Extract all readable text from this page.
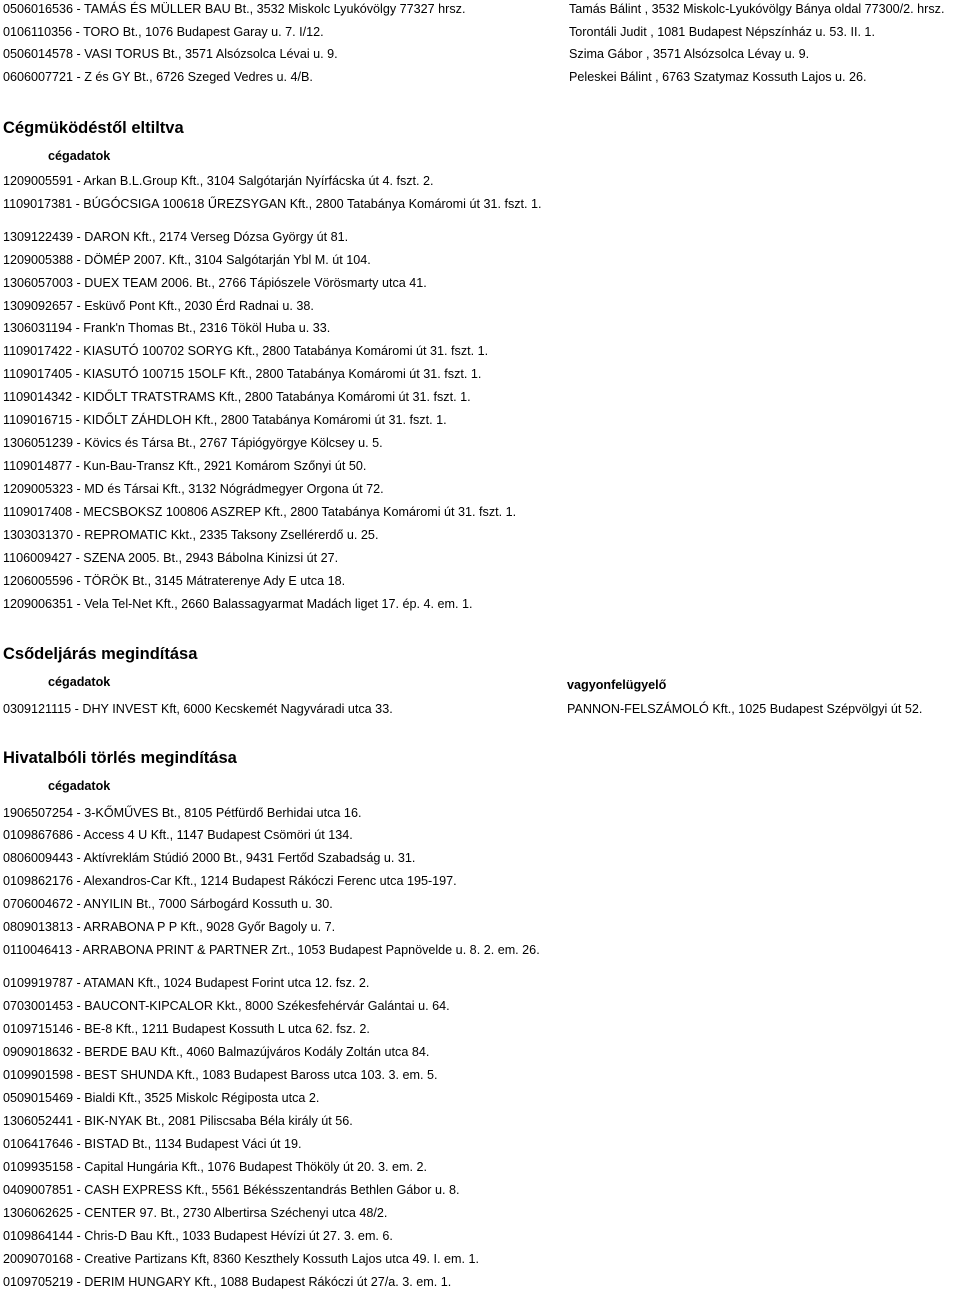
0506016536 - TAMÁS ÉS MÜLLER BAU Bt., 3532 Miskolc Lyukóvölgy 77327 hrsz.	Tamás Bálint , 3532 Miskolc-Lyukóvölgy Bánya oldal 77300/2. hrsz.
0106110356 - TORO Bt., 1076 Budapest Garay u. 7. I/12.	Torontáli Judit , 1081 Budapest Népszínház u. 53. II. 1.
0506014578 - VASI TORUS Bt., 3571 Alsózsolca Lévai u. 9.	Szima Gábor , 3571 Alsózsolca Lévay u. 9.
0606007721 - Z és GY Bt., 6726 Szeged Vedres u. 4/B.	Peleskei Bálint , 6763 Szatymaz Kossuth Lajos u. 26.
Cégmüködéstől eltiltva
cégadatok
1209005591 - Arkan B.L.Group Kft., 3104 Salgótarján Nyírfácska út 4. fszt. 2.
1109017381 - BÚGÓCSIGA 100618 ŰREZSYGAN Kft., 2800 Tatabánya Komáromi út 31. fszt. 1.
1309122439 - DARON Kft., 2174 Verseg Dózsa György út 81.
1209005388 - DÖMÉP 2007. Kft., 3104 Salgótarján Ybl M. út 104.
1306057003 - DUEX TEAM 2006. Bt., 2766 Tápiószele Vörösmarty utca 41.
1309092657 - Esküvő Pont Kft., 2030 Érd Radnai u. 38.
1306031194 - Frank'n Thomas Bt., 2316 Tököl Huba u. 33.
1109017422 - KIASUTÓ 100702 SORYG Kft., 2800 Tatabánya Komáromi út 31. fszt. 1.
1109017405 - KIASUTÓ 100715 15OLF Kft., 2800 Tatabánya Komáromi út 31. fszt. 1.
1109014342 - KIDŐLT TRATSTRAMS Kft., 2800 Tatabánya Komáromi út 31. fszt. 1.
1109016715 - KIDŐLT ZÁHDLOH Kft., 2800 Tatabánya Komáromi út 31. fszt. 1.
1306051239 - Kövics és Társa Bt., 2767 Tápiógyörgye Kölcsey u. 5.
1109014877 - Kun-Bau-Transz Kft., 2921 Komárom Szőnyi út 50.
1209005323 - MD és Társai Kft., 3132 Nógrádmegyer Orgona út 72.
1109017408 - MECSBOKSZ 100806 ASZREP Kft., 2800 Tatabánya Komáromi út 31. fszt. 1.
1303031370 - REPROMATIC Kkt., 2335 Taksony Zsellérerdő u. 25.
1106009427 - SZENA 2005. Bt., 2943 Bábolna Kinizsi út 27.
1206005596 - TÖRÖK Bt., 3145 Mátraterenye Ady E utca 18.
1209006351 - Vela Tel-Net Kft., 2660 Balassagyarmat Madách liget 17. ép. 4. em. 1.
Csődeljárás megindítása
cégadatok	vagyonfelügyelő
0309121115 - DHY INVEST Kft, 6000 Kecskemét Nagyváradi utca 33.	PANNON-FELSZÁMOLÓ Kft., 1025 Budapest Szépvölgyi út 52.
Hivatalbóli törlés megindítása
cégadatok
1906507254 - 3-KŐMŰVES Bt., 8105 Pétfürdő Berhidai utca 16.
0109867686 - Access 4 U Kft., 1147 Budapest Csömöri út 134.
0806009443 - Aktívreklám Stúdió 2000 Bt., 9431 Fertőd Szabadság u. 31.
0109862176 - Alexandros-Car Kft., 1214 Budapest Rákóczi Ferenc utca 195-197.
0706004672 - ANYILIN Bt., 7000 Sárbogárd Kossuth u. 30.
0809013813 - ARRABONA P P Kft., 9028 Győr Bagoly u. 7.
0110046413 - ARRABONA PRINT & PARTNER Zrt., 1053 Budapest Papnövelde u. 8. 2. em. 26.
0109919787 - ATAMAN Kft., 1024 Budapest Forint utca 12. fsz. 2.
0703001453 - BAUCONT-KIPCALOR Kkt., 8000 Székesfehérvár Galántai u. 64.
0109715146 - BE-8 Kft., 1211 Budapest Kossuth L utca 62. fsz. 2.
0909018632 - BERDE BAU Kft., 4060 Balmazújváros Kodály Zoltán utca 84.
0109901598 - BEST SHUNDA Kft., 1083 Budapest Baross utca 103. 3. em. 5.
0509015469 - Bialdi Kft., 3525 Miskolc Régiposta utca 2.
1306052441 - BIK-NYAK Bt., 2081 Piliscsaba Béla király út 56.
0106417646 - BISTAD Bt., 1134 Budapest Váci út 19.
0109935158 - Capital Hungária Kft., 1076 Budapest Thököly út 20. 3. em. 2.
0409007851 - CASH EXPRESS Kft., 5561 Békésszentandrás Bethlen Gábor u. 8.
1306062625 - CENTER 97. Bt., 2730 Albertirsa Széchenyi utca 48/2.
0109864144 - Chris-D Bau Kft., 1033 Budapest Hévízi út 27. 3. em. 6.
2009070168 - Creative Partizans Kft, 8360 Keszthely Kossuth Lajos utca 49. I. em. 1.
0109705219 - DERIM HUNGARY Kft., 1088 Budapest Rákóczi út 27/a. 3. em. 1.
